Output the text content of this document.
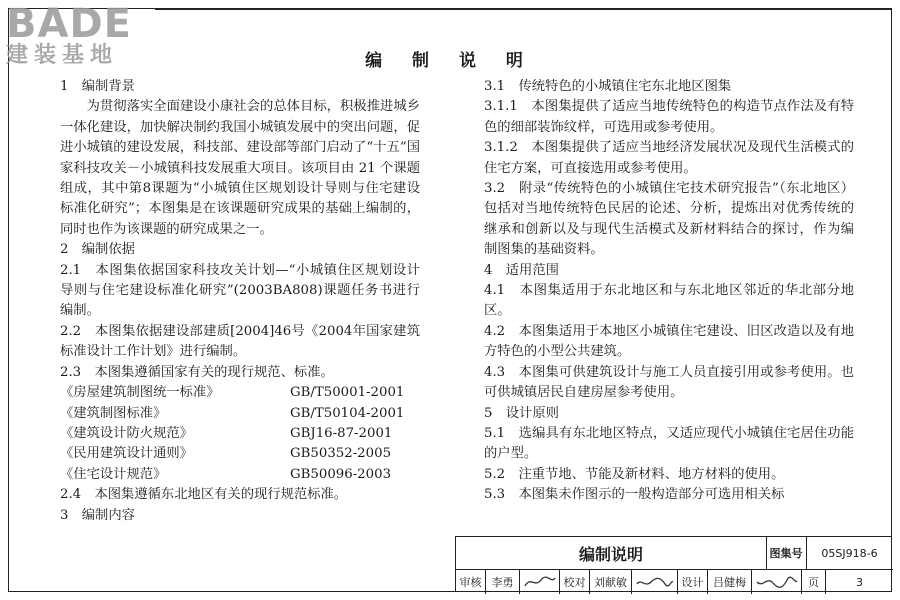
BADE
建装基地	编 制 说 明

1　编制背景

为贯彻落实全面建设小康社会的总体目标，积极推进城乡一体化建设，加快解决制约我国小城镇发展中的突出问题，促进小城镇的建设发展，科技部、建设部等部门启动了“十五”国家科技攻关－小城镇科技发展重大项目。该项目由 21 个课题组成，其中第8课题为“小城镇住区规划设计导则与住宅建设标准化研究”；本图集是在该课题研究成果的基础上编制的，同时也作为该课题的研究成果之一。

2　编制依据

2.1　本图集依据国家科技攻关计划—“小城镇住区规划设计导则与住宅建设标准化研究”(2003BA808)课题任务书进行编制。

2.2　本图集依据建设部建质[2004]46号《2004年国家建筑标准设计工作计划》进行编制。

2.3　本图集遵循国家有关的现行规范、标准。

《房屋建筑制图统一标准》	GB/T50001-2001
《建筑制图标准》	GB/T50104-2001
《建筑设计防火规范》	GBJ16-87-2001
《民用建筑设计通则》	GB50352-2005
《住宅设计规范》	GB50096-2003

2.4　本图集遵循东北地区有关的现行规范标准。

3　编制内容

3.1　传统特色的小城镇住宅东北地区图集

3.1.1　本图集提供了适应当地传统特色的构造节点作法及有特色的细部装饰纹样，可选用或参考使用。

3.1.2　本图集提供了适应当地经济发展状况及现代生活模式的住宅方案，可直接选用或参考使用。

3.2　附录“传统特色的小城镇住宅技术研究报告”（东北地区）包括对当地传统特色民居的论述、分析，提炼出对优秀传统的继承和创新以及与现代生活模式及新材料结合的探讨，作为编制图集的基础资料。

4　适用范围

4.1　本图集适用于东北地区和与东北地区邻近的华北部分地区。

4.2　本图集适用于本地区小城镇住宅建设、旧区改造以及有地方特色的小型公共建筑。

4.3　本图集可供建筑设计与施工人员直接引用或参考使用。也可供城镇居民自建房屋参考使用。

5　设计原则

5.1　选编具有东北地区特点，又适应现代小城镇住宅居住功能的户型。

5.2　注重节地、节能及新材料、地方材料的使用。

5.3　本图集未作图示的一般构造部分可选用相关标

编制说明	图集号	05SJ918-6
审核 李勇	校对 刘献敏	设计 吕健梅	页	3
